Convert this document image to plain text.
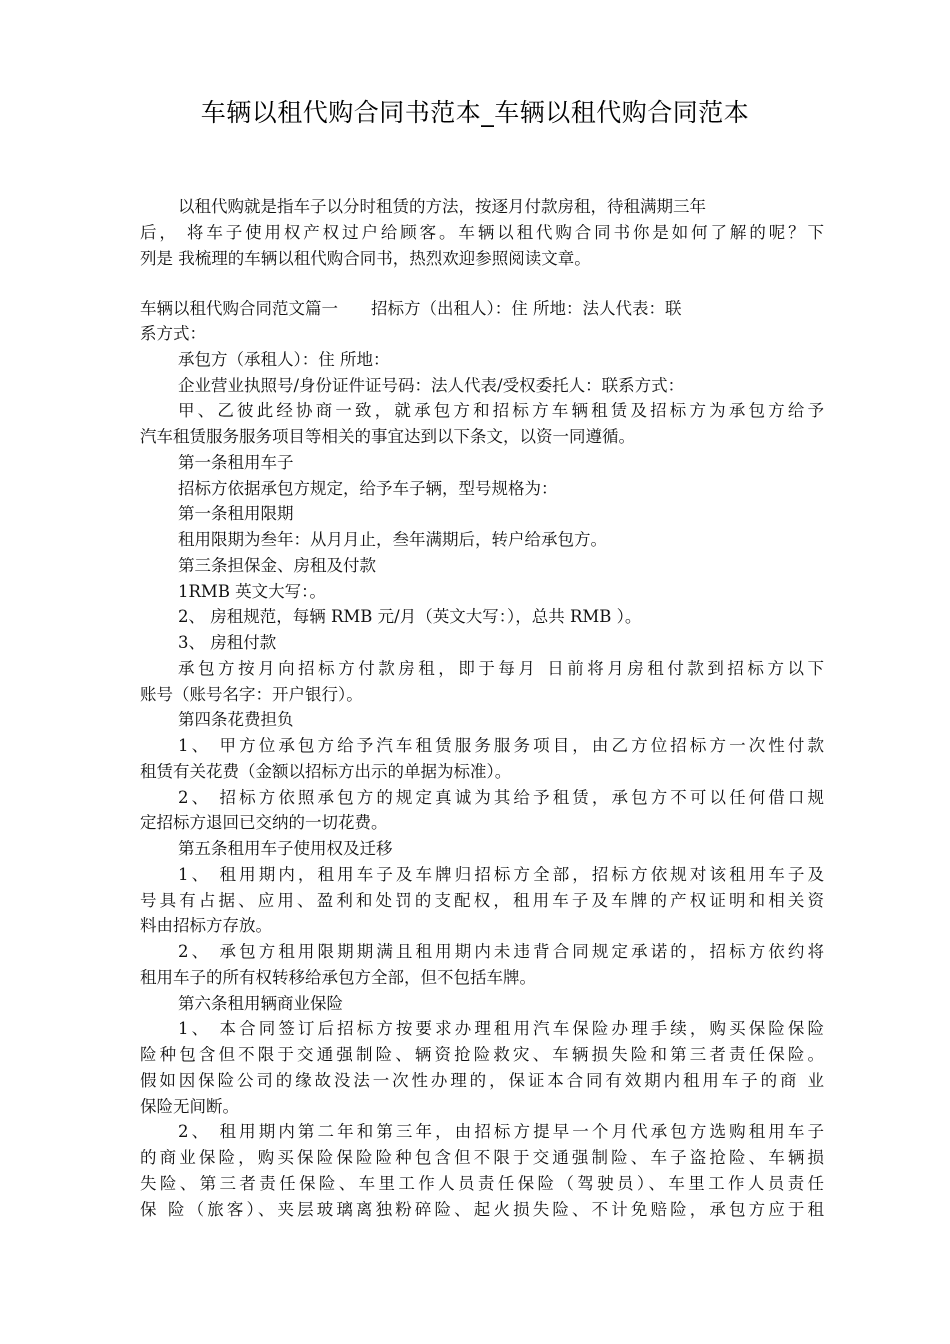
车辆以租代购合同书范本_车辆以租代购合同范本
以租代购就是指车子以分时租赁的方法，按逐月付款房租，待租满期三年
后， 将车子使用权产权过户给顾客。车辆以租代购合同书你是如何了解的呢？下
列是 我梳理的车辆以租代购合同书，热烈欢迎参照阅读文章。
车辆以租代购合同范文篇一　　招标方（出租人）：住 所地：法人代表：联
系方式：
承包方（承租人）：住 所地：
企业营业执照号/身份证件证号码：法人代表/受权委托人：联系方式：
甲、乙彼此经协商一致，就承包方和招标方车辆租赁及招标方为承包方给予
汽车租赁服务服务项目等相关的事宜达到以下条文，以资一同遵循。
第一条租用车子
招标方依据承包方规定，给予车子辆，型号规格为：
第一条租用限期
租用限期为叁年：从月月止，叁年满期后，转户给承包方。
第三条担保金、房租及付款
1RMB 英文大写：。
2、 房租规范，每辆 RMB 元/月（英文大写：），总共 RMB ）。
3、 房租付款
承包方按月向招标方付款房租，即于每月 日前将月房租付款到招标方以下
账号（账号名字：开户银行）。
第四条花费担负
1、 甲方位承包方给予汽车租赁服务服务项目，由乙方位招标方一次性付款
租赁有关花费（金额以招标方出示的单据为标准）。
2、 招标方依照承包方的规定真诚为其给予租赁，承包方不可以任何借口规
定招标方退回已交纳的一切花费。
第五条租用车子使用权及迁移
1、 租用期内，租用车子及车牌归招标方全部，招标方依规对该租用车子及
号具有占据、应用、盈利和处罚的支配权，租用车子及车牌的产权证明和相关资
料由招标方存放。
2、 承包方租用限期期满且租用期内未违背合同规定承诺的，招标方依约将
租用车子的所有权转移给承包方全部，但不包括车牌。
第六条租用辆商业保险
1、 本合同签订后招标方按要求办理租用汽车保险办理手续，购买保险保险
险种包含但不限于交通强制险、辆资抢险救灾、车辆损失险和第三者责任保险。
假如因保险公司的缘故没法一次性办理的，保证本合同有效期内租用车子的商 业
保险无间断。
2、 租用期内第二年和第三年，由招标方提早一个月代承包方选购租用车子
的商业保险，购买保险保险险种包含但不限于交通强制险、车子盗抢险、车辆损
失险、第三者责任保险、车里工作人员责任保险（驾驶员）、车里工作人员责任
保 险（旅客）、夹层玻璃离独粉碎险、起火损失险、不计免赔险，承包方应于租
